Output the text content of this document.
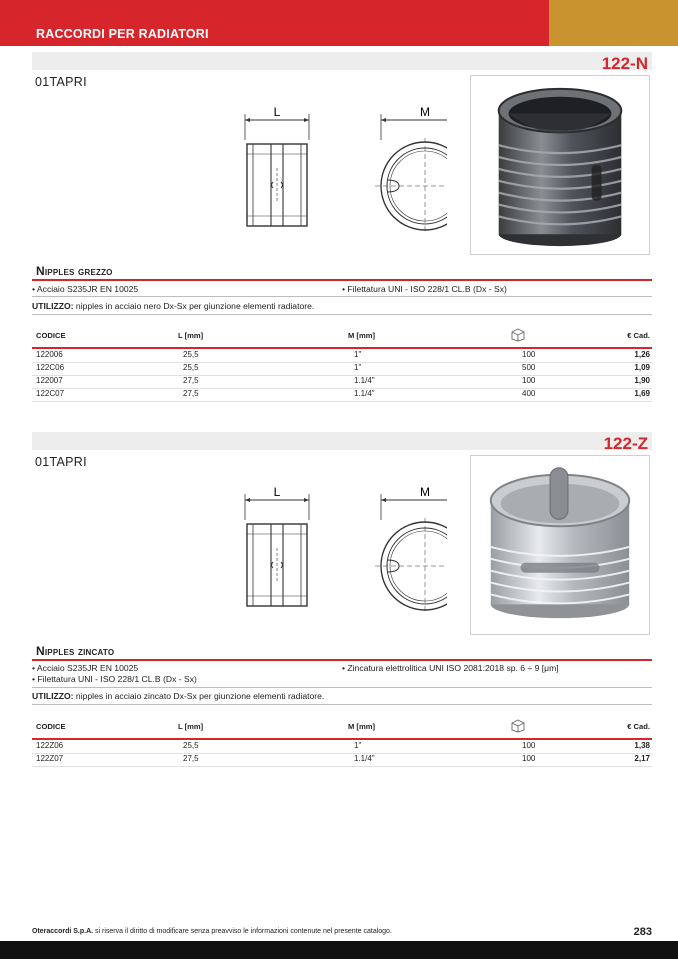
RACCORDI PER RADIATORI
122-N
01TAPRI
L	M
Nipples grezzo
• Acciaio S235JR EN 10025	• Filettatura UNI - ISO 228/1 CL.B (Dx - Sx)
UTILIZZO: nipples in acciaio nero Dx-Sx per giunzione elementi radiatore.
CODICE	L [mm]	M [mm]	€ Cad.
122006	25,5	1"	100	1,26
122C06	25,5	1"	500	1,09
122007	27,5	1.1/4"	100	1,90
122C07	27,5	1.1/4"	400	1,69
122-Z
01TAPRI
L	M
Nipples zincato
• Acciaio S235JR EN 10025
• Filettatura UNI - ISO 228/1 CL.B (Dx - Sx)
• Zincatura elettrolitica UNI ISO 2081:2018 sp. 6 ÷ 9 [μm]
UTILIZZO: nipples in acciaio zincato Dx-Sx per giunzione elementi radiatore.
CODICE	L [mm]	M [mm]	€ Cad.
122Z06	25,5	1"	100	1,38
122Z07	27,5	1.1/4"	100	2,17
Oteraccordi S.p.A. si riserva il diritto di modificare senza preavviso le informazioni contenute nel presente catalogo.	283
